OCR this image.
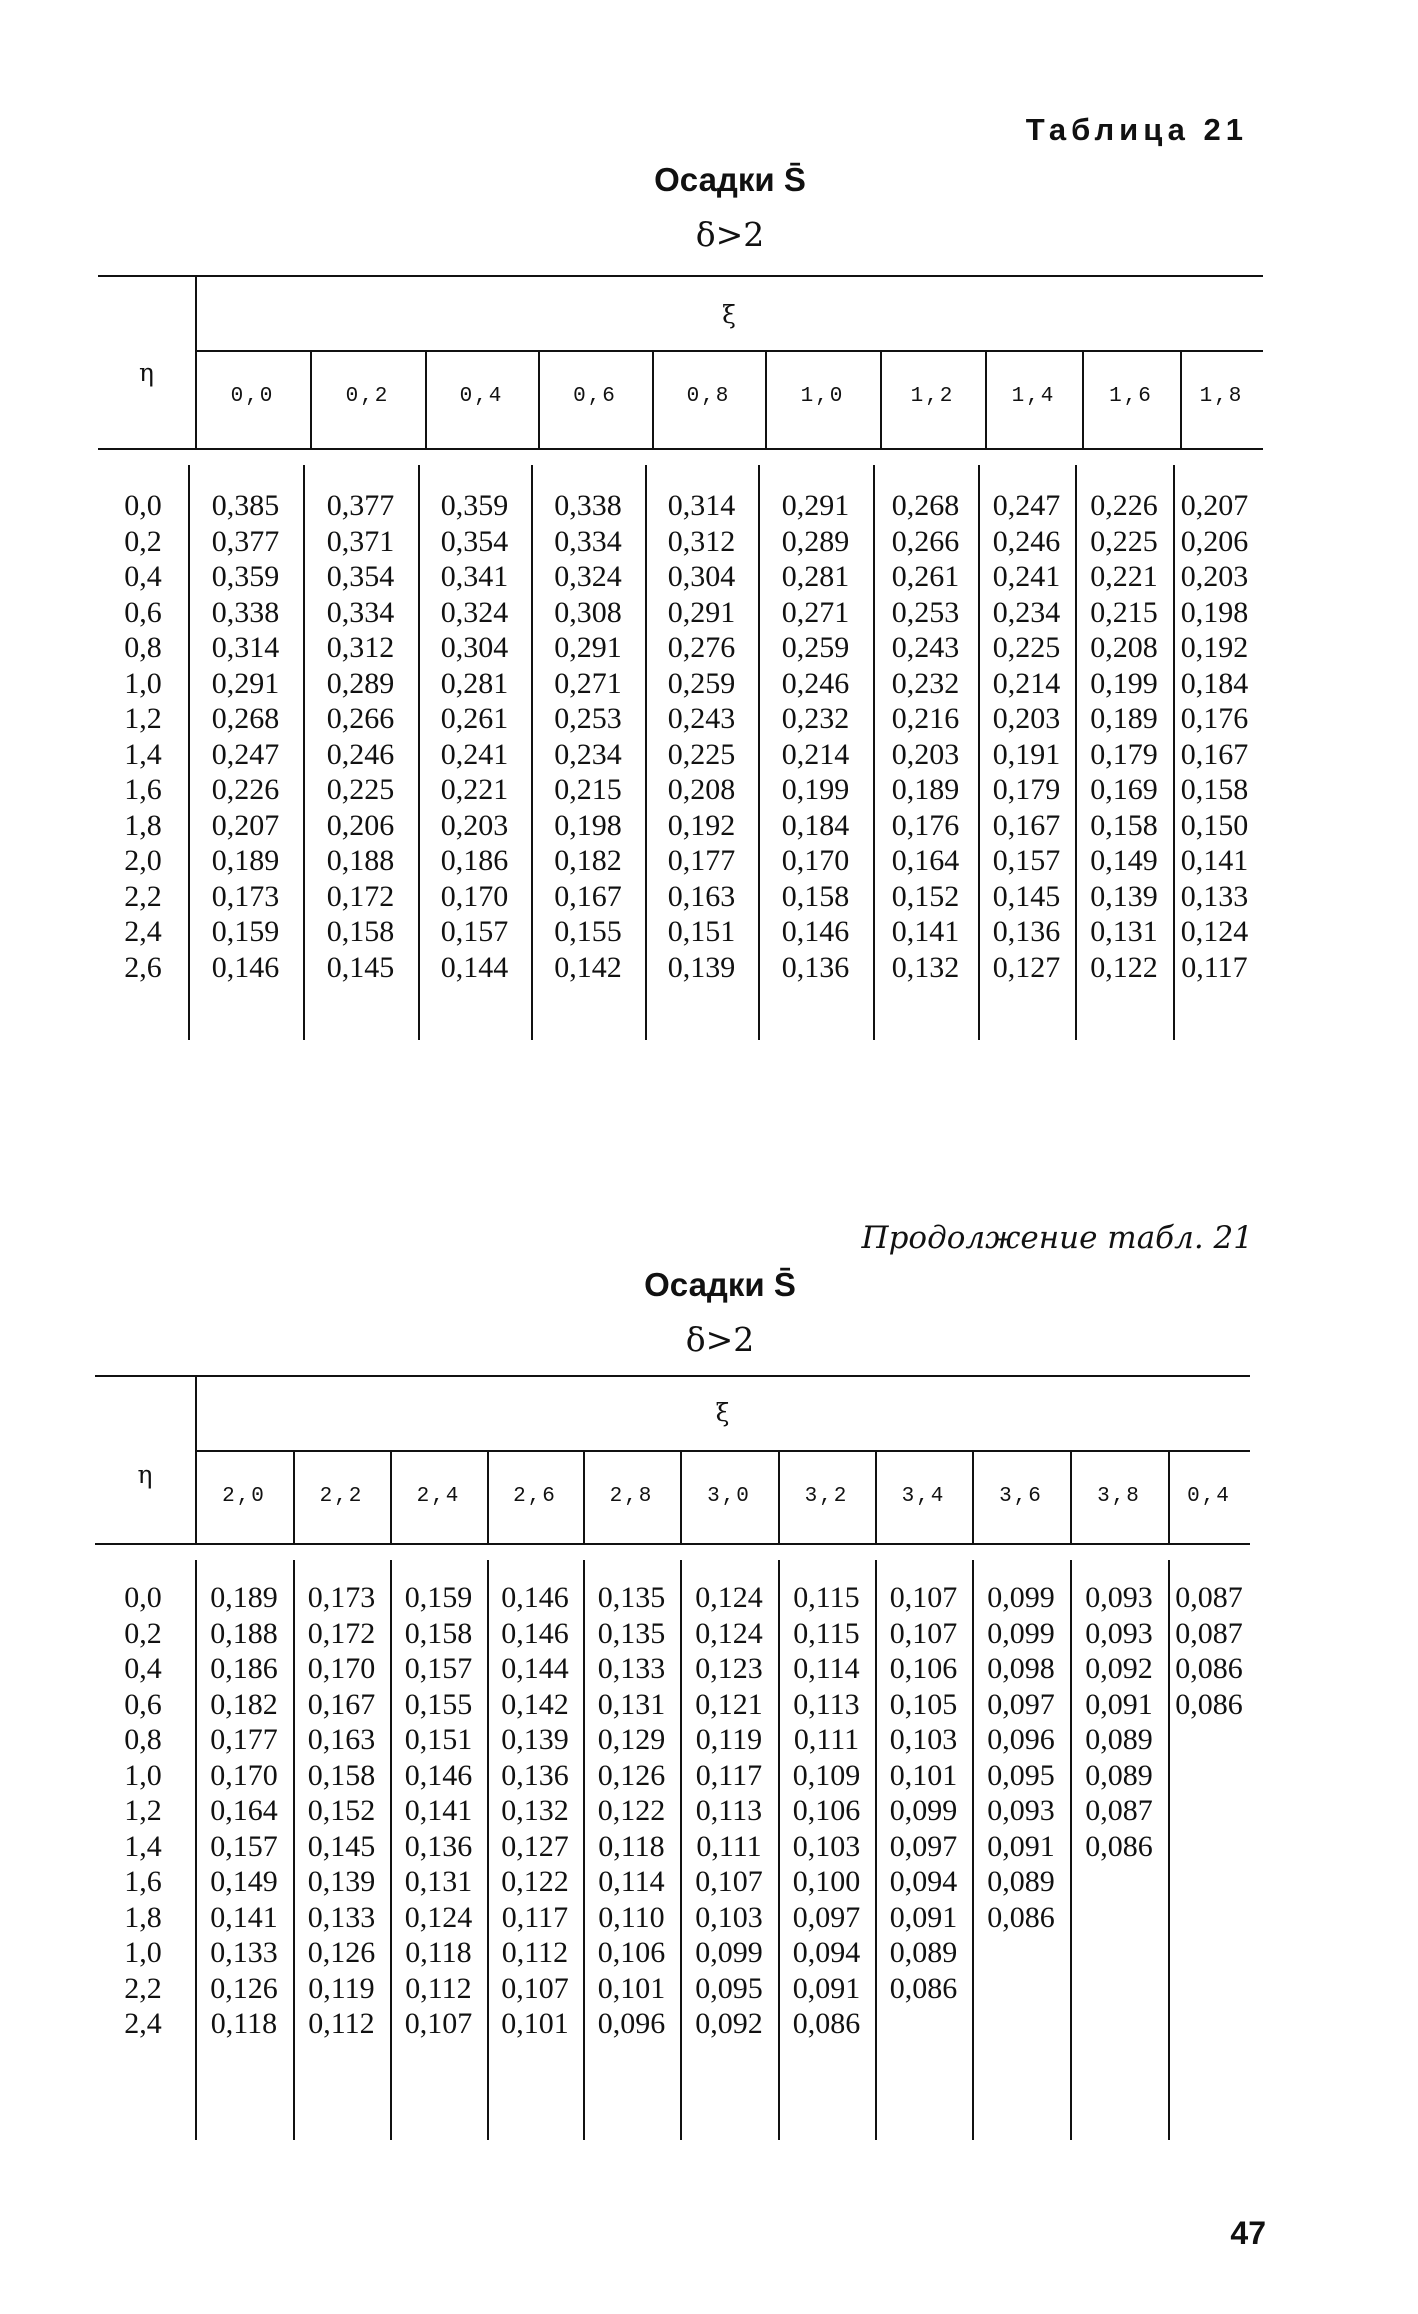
Таблица 21
Осадки S̄
δ>2
η
ξ
0,0	0,2	0,4	0,6	0,8	1,0	1,2	1,4	1,6	1,8
0,0	0,385	0,377	0,359	0,338	0,314	0,291	0,268	0,247	0,226 0,207
0,2	0,377	0,371	0,354	0,334	0,312	0,289	0,266	0,246	0,225 0,206
0,4	0,359	0,354	0,341	0,324	0,304	0,281	0,261	0,241	0,221 0,203
0,6	0,338	0,334	0,324	0,308	0,291	0,271	0,253	0,234	0,215 0,198
0,8	0,314	0,312	0,304	0,291	0,276	0,259	0,243	0,225	0,208 0,192
1,0	0,291	0,289	0,281	0,271	0,259	0,246	0,232	0,214	0,199 0,184
1,2	0,268	0,266	0,261	0,253	0,243	0,232	0,216	0,203	0,189 0,176
1,4	0,247	0,246	0,241	0,234	0,225	0,214	0,203	0,191	0,179 0,167
1,6	0,226	0,225	0,221	0,215	0,208	0,199	0,189	0,179	0,169 0,158
1,8	0,207	0,206	0,203	0,198	0,192	0,184	0,176	0,167	0,158 0,150
2,0	0,189	0,188	0,186	0,182	0,177	0,170	0,164	0,157	0,149 0,141
2,2	0,173	0,172	0,170	0,167	0,163	0,158	0,152	0,145	0,139 0,133
2,4	0,159	0,158	0,157	0,155	0,151	0,146	0,141	0,136	0,131 0,124
2,6	0,146	0,145	0,144	0,142	0,139	0,136	0,132	0,127	0,122 0,117
Продолжение табл. 21
Осадки S̄
δ>2
η
ξ
2,0	2,2	2,4	2,6	2,8	3,0	3,2	3,4	3,6	3,8	0,4
0,0	0,189	0,173 0,159 0,146 0,135	0,124	0,115	0,107	0,099	0,093 0,087
0,2	0,188	0,172 0,158 0,146 0,135	0,124	0,115	0,107	0,099	0,093 0,087
0,4	0,186	0,170 0,157 0,144 0,133	0,123	0,114	0,106	0,098	0,092 0,086
0,6	0,182	0,167 0,155 0,142 0,131	0,121	0,113	0,105	0,097	0,091 0,086
0,8	0,177	0,163 0,151 0,139 0,129	0,119	0,111	0,103	0,096	0,089
1,0	0,170	0,158 0,146 0,136 0,126	0,117	0,109 0,101	0,095	0,089
1,2	0,164	0,152 0,141 0,132 0,122	0,113	0,106 0,099	0,093	0,087
1,4	0,157	0,145 0,136 0,127 0,118	0,111	0,103 0,097	0,091	0,086
1,6	0,149	0,139 0,131 0,122 0,114	0,107	0,100 0,094	0,089
1,8	0,141	0,133 0,124 0,117	0,110	0,103	0,097 0,091	0,086
1,0	0,133	0,126	0,118	0,112 0,106	0,099	0,094 0,089
2,2	0,126	0,119	0,112 0,107 0,101	0,095	0,091 0,086
2,4	0,118	0,112	0,107 0,101 0,096	0,092	0,086
47
